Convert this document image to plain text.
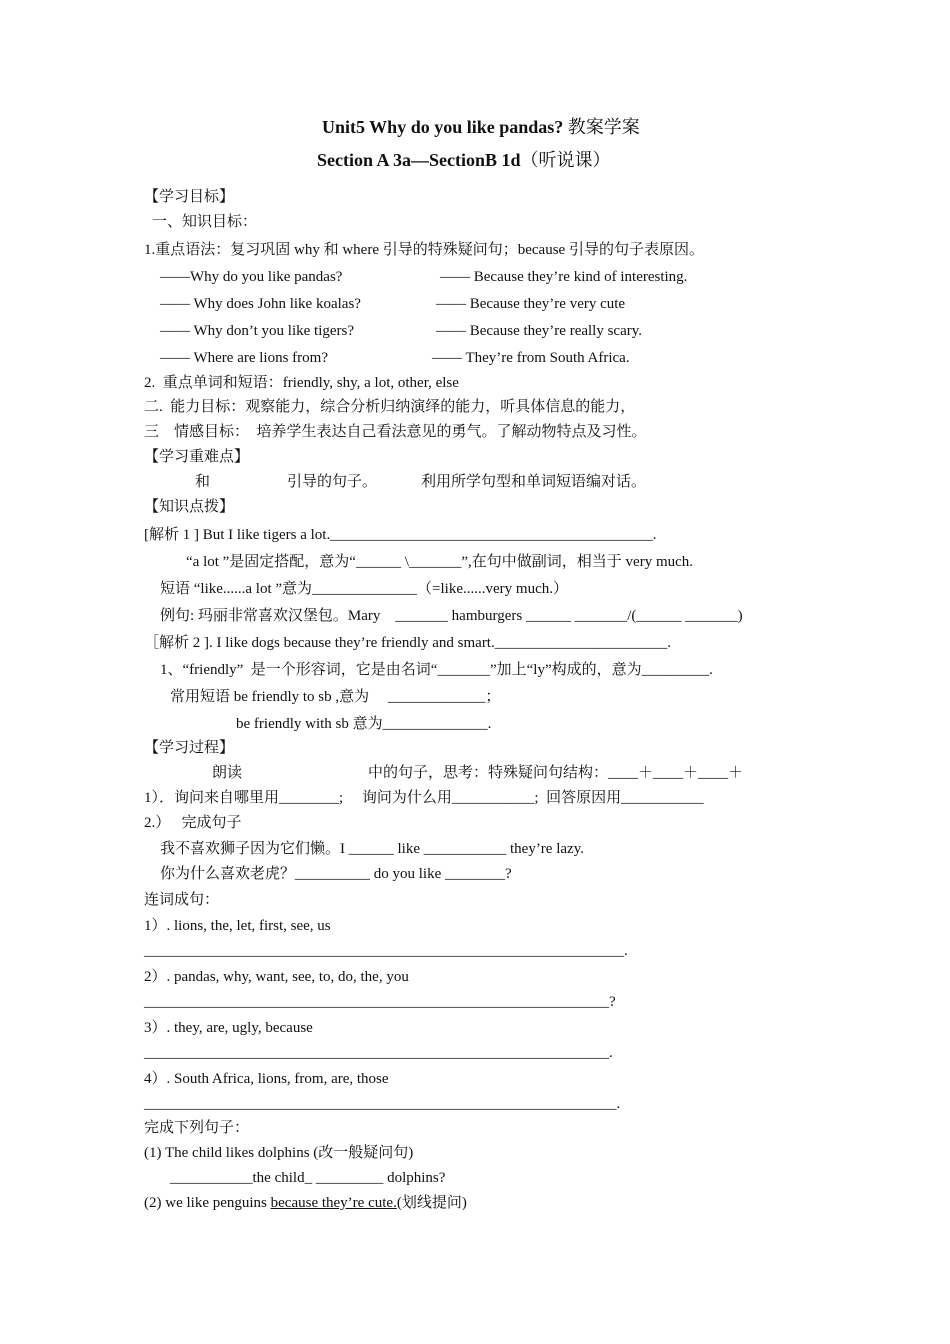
Unit5 Why do you like pandas? 教案学案
Section A 3a—SectionB 1d（听说课）
【学习目标】
一、知识目标：
1.重点语法：复习巩固 why 和 where 引导的特殊疑问句；because 引导的句子表原因。
——Why do you like pandas?	—— Because they’re kind of interesting.
—— Why does John like koalas?	—— Because they’re very cute
—— Why don’t you like tigers?	—— Because they’re really scary.
—— Where are lions from?	—— They’re from South Africa.
2.  重点单词和短语：friendly, shy, a lot, other, else
二.  能力目标：观察能力，综合分析归纳演绎的能力，听具体信息的能力，
三    情感目标：  培养学生表达自己看法意见的勇气。了解动物特点及习性。
【学习重难点】
和	引导的句子。	利用所学句型和单词短语编对话。
【知识点拨】
[解析 1 ] But I like tigers a lot.___________________________________________.
“a lot ”是固定搭配，意为“______ \_______”,在句中做副词，相当于 very much.
短语 “like......a lot ”意为______________（=like......very much.）
例句: 玛丽非常喜欢汉堡包。Mary    _______ hamburgers ______ _______/(______ _______)
［解析 2 ]. I like dogs because they’re friendly and smart._______________________.
1、“friendly”  是一个形容词，它是由名词“_______”加上“ly”构成的，意为_________.
常用短语 be friendly to sb ,意为     _____________；
be friendly with sb 意为______________.
【学习过程】
朗读	中的句子，思考：特殊疑问句结构：____＋____＋____＋
1）．询问来自哪里用________;     询问为什么用___________;  回答原因用___________
2.）   完成句子
我不喜欢狮子因为它们懒。I ______ like ___________ they’re lazy.
你为什么喜欢老虎？__________ do you like ________?
连词成句：
1）. lions, the, let, first, see, us
________________________________________________________________.
2）. pandas, why, want, see, to, do, the, you
______________________________________________________________?
3）. they, are, ugly, because
______________________________________________________________.
4）. South Africa, lions, from, are, those
_______________________________________________________________.
完成下列句子：
(1) The child likes dolphins (改一般疑问句)
___________the child_ _________ dolphins?
(2) we like penguins because they’re cute.(划线提问)
